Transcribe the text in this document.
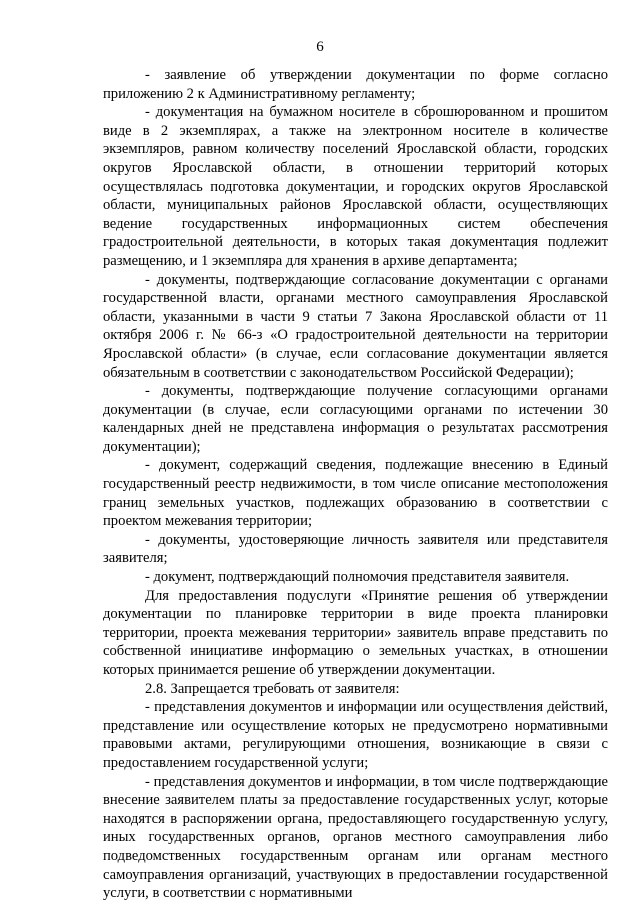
6

- заявление об утверждении документации по форме согласно приложению 2 к Административному регламенту;

- документация на бумажном носителе в сброшюрованном и прошитом виде в 2 экземплярах, а также на электронном носителе в количестве экземпляров, равном количеству поселений Ярославской области, городских округов Ярославской области, в отношении территорий которых осуществлялась подготовка документации, и городских округов Ярославской области, муниципальных районов Ярославской области, осуществляющих ведение государственных информационных систем обеспечения градостроительной деятельности, в которых такая документация подлежит размещению, и 1 экземпляра для хранения в архиве департамента;

- документы, подтверждающие согласование документации с органами государственной власти, органами местного самоуправления Ярославской области, указанными в части 9 статьи 7 Закона Ярославской области от 11 октября 2006 г. № 66-з «О градостроительной деятельности на территории Ярославской области» (в случае, если согласование документации является обязательным в соответствии с законодательством Российской Федерации);

- документы, подтверждающие получение согласующими органами документации (в случае, если согласующими органами по истечении 30 календарных дней не представлена информация о результатах рассмотрения документации);

- документ, содержащий сведения, подлежащие внесению в Единый государственный реестр недвижимости, в том числе описание местоположения границ земельных участков, подлежащих образованию в соответствии с проектом межевания территории;

- документы, удостоверяющие личность заявителя или представителя заявителя;

- документ, подтверждающий полномочия представителя заявителя.

Для предоставления подуслуги «Принятие решения об утверждении документации по планировке территории в виде проекта планировки территории, проекта межевания территории» заявитель вправе представить по собственной инициативе информацию о земельных участках, в отношении которых принимается решение об утверждении документации.

2.8. Запрещается требовать от заявителя:

- представления документов и информации или осуществления действий, представление или осуществление которых не предусмотрено нормативными правовыми актами, регулирующими отношения, возникающие в связи с предоставлением государственной услуги;

- представления документов и информации, в том числе подтверждающие внесение заявителем платы за предоставление государственных услуг, которые находятся в распоряжении органа, предоставляющего государственную услугу, иных государственных органов, органов местного самоуправления либо подведомственных государственным органам или органам местного самоуправления организаций, участвующих в предоставлении государственной услуги, в соответствии с нормативными
